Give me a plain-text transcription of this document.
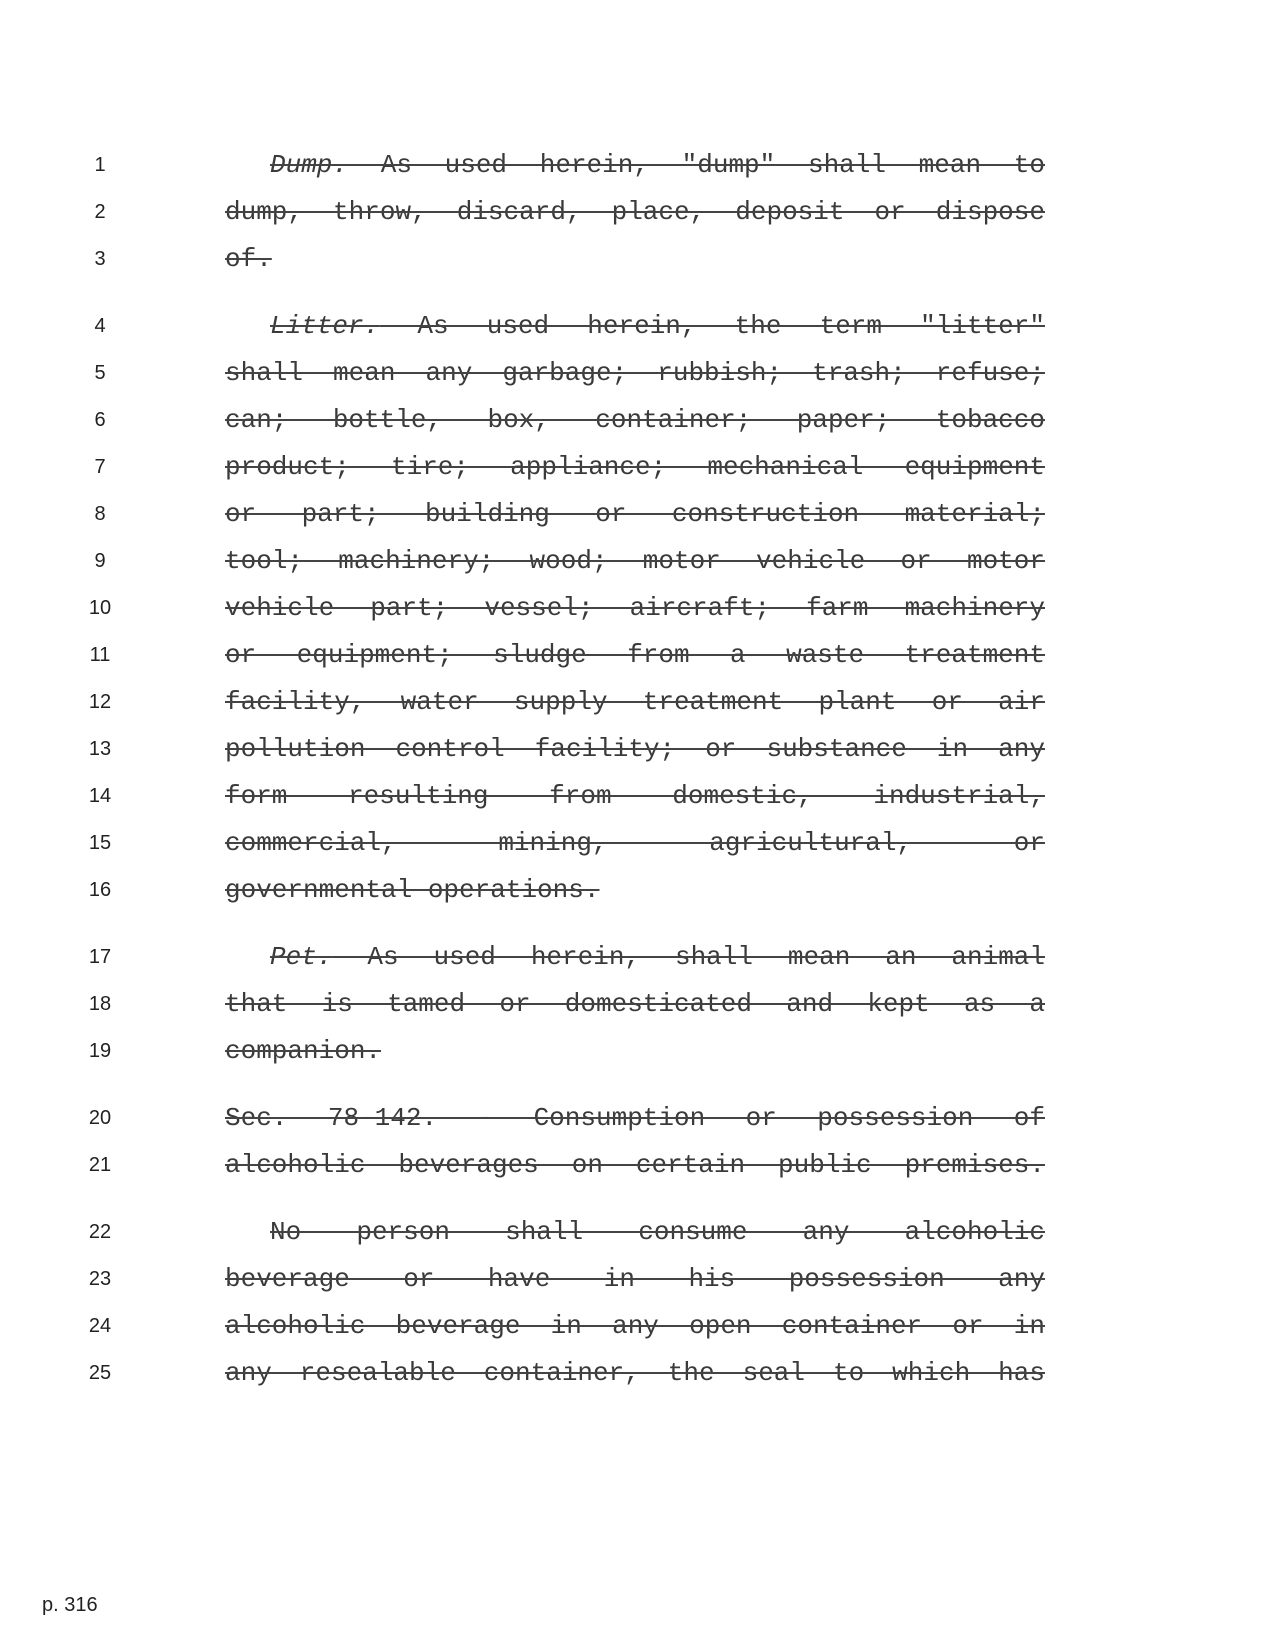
1	Dump. As used herein, "dump" shall mean to
2	dump, throw, discard, place, deposit or dispose
3	of.
4	Litter. As used herein, the term "litter"
5	shall mean any garbage; rubbish; trash; refuse;
6	can; bottle, box, container; paper; tobacco
7	product; tire; appliance; mechanical equipment
8	or part; building or construction material;
9	tool; machinery; wood; motor vehicle or motor
10	vehicle part; vessel; aircraft; farm machinery
11	or equipment; sludge from a waste treatment
12	facility, water supply treatment plant or air
13	pollution control facility; or substance in any
14	form resulting from domestic, industrial,
15	commercial, mining, agricultural, or
16	governmental operations.
17	Pet. As used herein, shall mean an animal
18	that is tamed or domesticated and kept as a
19	companion.
20	Sec. 78-142. - Consumption or possession of
21	alcoholic beverages on certain public premises.
22	No person shall consume any alcoholic
23	beverage or have in his possession any
24	alcoholic beverage in any open container or in
25	any resealable container, the seal to which has
p. 316
